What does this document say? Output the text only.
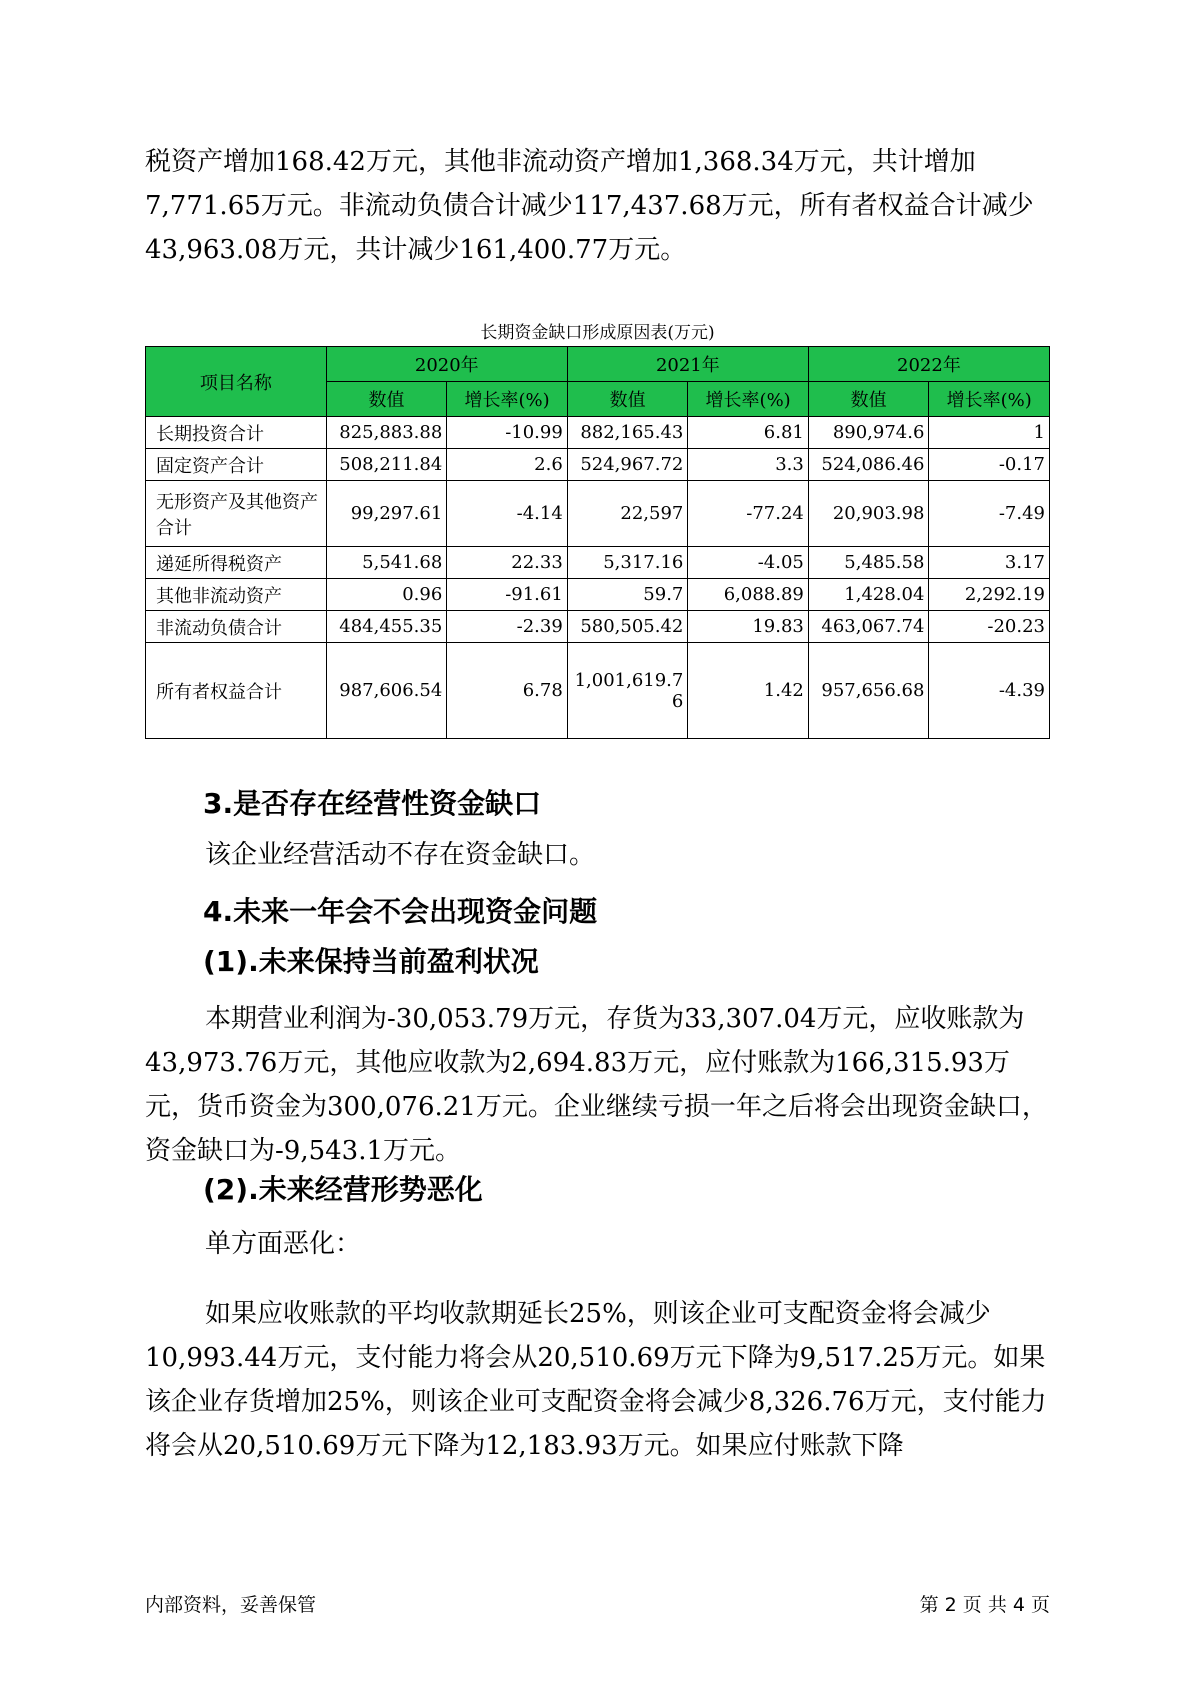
税资产增加168.42万元，其他非流动资产增加1,368.34万元，共计增加7,771.65万元。非流动负债合计减少117,437.68万元，所有者权益合计减少43,963.08万元，共计减少161,400.77万元。

长期资金缺口形成原因表(万元)
项目名称	2020年		2021年		2022年	
	数值	增长率(%)	数值	增长率(%)	数值	增长率(%)
长期投资合计	825,883.88	-10.99	882,165.43	6.81	890,974.6	1
固定资产合计	508,211.84	2.6	524,967.72	3.3	524,086.46	-0.17
无形资产及其他资产合计	99,297.61	-4.14	22,597	-77.24	20,903.98	-7.49
递延所得税资产	5,541.68	22.33	5,317.16	-4.05	5,485.58	3.17
其他非流动资产	0.96	-91.61	59.7	6,088.89	1,428.04	2,292.19
非流动负债合计	484,455.35	-2.39	580,505.42	19.83	463,067.74	-20.23
所有者权益合计	987,606.54	6.78	1,001,619.76	1.42	957,656.68	-4.39
3.是否存在经营性资金缺口

该企业经营活动不存在资金缺口。

4.未来一年会不会出现资金问题
(1).未来保持当前盈利状况

本期营业利润为-30,053.79万元，存货为33,307.04万元，应收账款为43,973.76万元，其他应收款为2,694.83万元，应付账款为166,315.93万元，货币资金为300,076.21万元。企业继续亏损一年之后将会出现资金缺口，资金缺口为-9,543.1万元。

(2).未来经营形势恶化

单方面恶化：

如果应收账款的平均收款期延长25%，则该企业可支配资金将会减少10,993.44万元，支付能力将会从20,510.69万元下降为9,517.25万元。如果该企业存货增加25%，则该企业可支配资金将会减少8,326.76万元，支付能力将会从20,510.69万元下降为12,183.93万元。如果应付账款下降

内部资料，妥善保管	第 2 页 共 4 页
